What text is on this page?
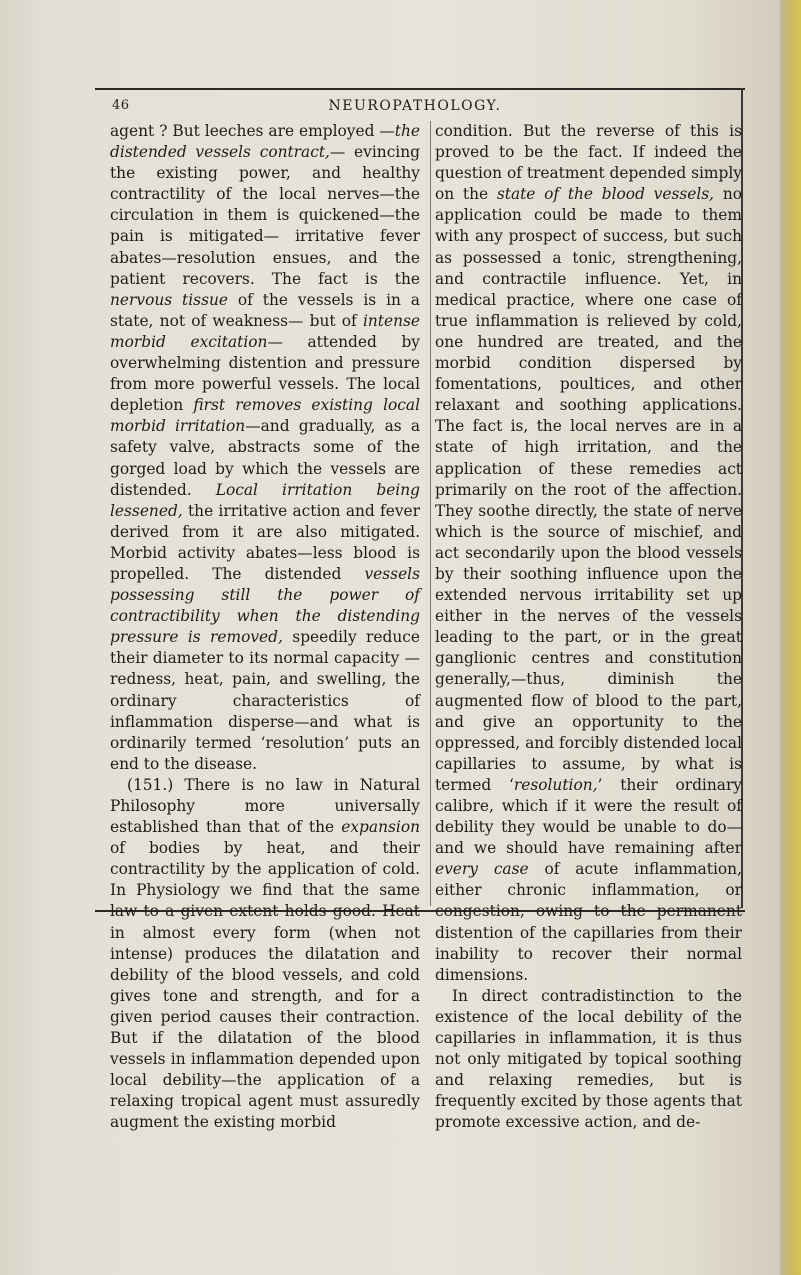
46	NEUROPATHOLOGY.

agent ? But leeches are employed —the distended vessels contract,— evincing the existing power, and healthy contractility of the local nerves—the circulation in them is quickened—the pain is mitigated— irritative fever abates—resolution ensues, and the patient recovers. The fact is the nervous tissue of the vessels is in a state, not of weakness— but of intense morbid excitation— attended by overwhelming distention and pressure from more powerful vessels. The local depletion first removes existing local morbid irritation—and gradually, as a safety valve, abstracts some of the gorged load by which the vessels are distended. Local irritation being lessened, the irritative action and fever derived from it are also mitigated. Morbid activity abates—less blood is propelled. The distended vessels possessing still the power of contractibility when the distending pressure is removed, speedily reduce their diameter to its normal capacity —redness, heat, pain, and swelling, the ordinary characteristics of inflammation disperse—and what is ordinarily termed ‘resolution’ puts an end to the disease.

(151.) There is no law in Natural Philosophy more universally established than that of the expansion of bodies by heat, and their contractility by the application of cold. In Physiology we find that the same law to a given extent holds good. Heat in almost every form (when not intense) produces the dilatation and debility of the blood vessels, and cold gives tone and strength, and for a given period causes their contraction. But if the dilatation of the blood vessels in inflammation depended upon local debility—the application of a relaxing tropical agent must assuredly augment the existing morbid

condition. But the reverse of this is proved to be the fact. If indeed the question of treatment depended simply on the state of the blood vessels, no application could be made to them with any prospect of success, but such as possessed a tonic, strengthening, and contractile influence. Yet, in medical practice, where one case of true inflammation is relieved by cold, one hundred are treated, and the morbid condition dispersed by fomentations, poultices, and other relaxant and soothing applications. The fact is, the local nerves are in a state of high irritation, and the application of these remedies act primarily on the root of the affection. They soothe directly, the state of nerve which is the source of mischief, and act secondarily upon the blood vessels by their soothing influence upon the extended nervous irritability set up either in the nerves of the vessels leading to the part, or in the great ganglionic centres and constitution generally,—thus, diminish the augmented flow of blood to the part, and give an opportunity to the oppressed, and forcibly distended local capillaries to assume, by what is termed ‘resolution,’ their ordinary calibre, which if it were the result of debility they would be unable to do—and we should have remaining after every case of acute inflammation, either chronic inflammation, or congestion, owing to the permanent distention of the capillaries from their inability to recover their normal dimensions.

In direct contradistinction to the existence of the local debility of the capillaries in inflammation, it is thus not only mitigated by topical soothing and relaxing remedies, but is frequently excited by those agents that promote excessive action, and de-
